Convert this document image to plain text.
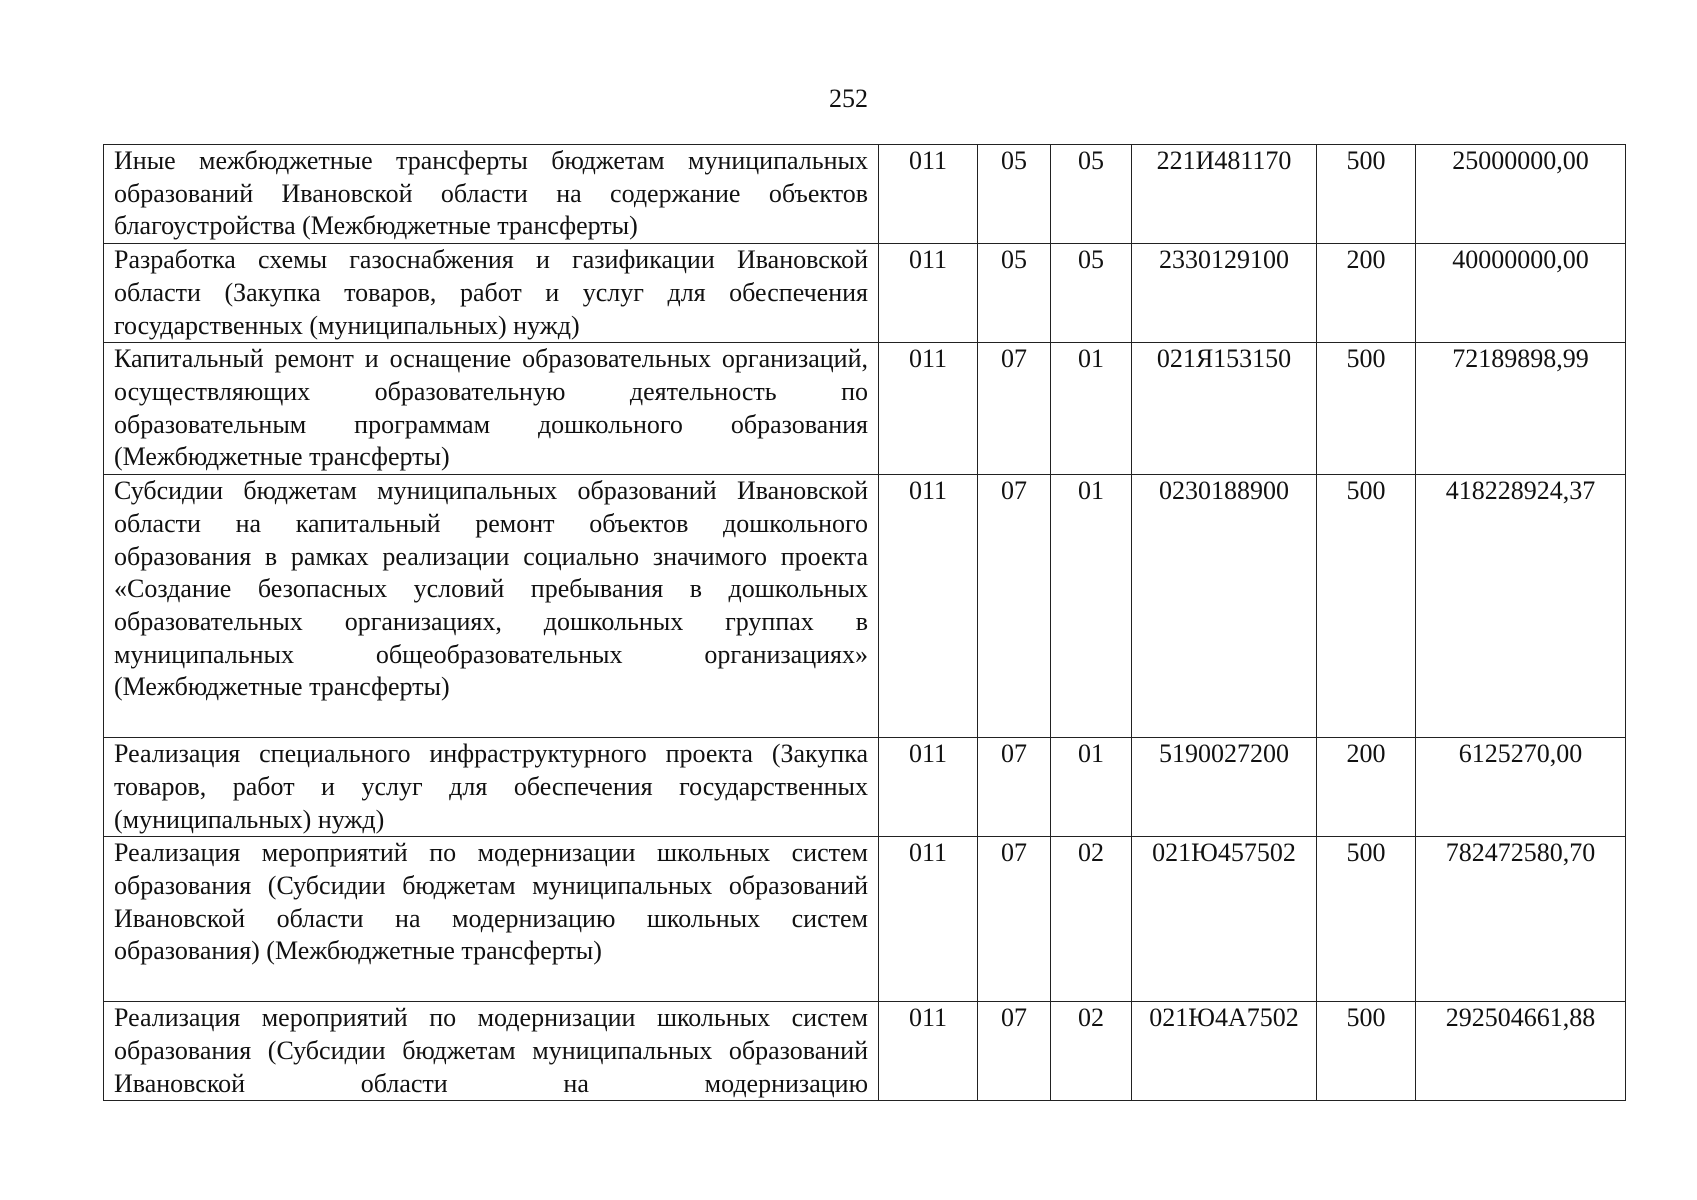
252
Иные межбюджетные трансферты бюджетам муниципальных образований Ивановской области на содержание объектов благоустройства (Межбюджетные трансферты)	011	05	05	221И481170	500	25000000,00
Разработка схемы газоснабжения и газификации Ивановской области (Закупка товаров, работ и услуг для обеспечения государственных (муниципальных) нужд)	011	05	05	2330129100	200	40000000,00
Капитальный ремонт и оснащение образовательных организаций, осуществляющих образовательную деятельность по образовательным программам дошкольного образования (Межбюджетные трансферты)	011	07	01	021Я153150	500	72189898,99
Субсидии бюджетам муниципальных образований Ивановской области на капитальный ремонт объектов дошкольного образования в рамках реализации социально значимого проекта «Создание безопасных условий пребывания в дошкольных образовательных организациях, дошкольных группах в муниципальных общеобразовательных организациях» (Межбюджетные трансферты)	011	07	01	0230188900	500	418228924,37
Реализация специального инфраструктурного проекта (Закупка товаров, работ и услуг для обеспечения государственных (муниципальных) нужд)	011	07	01	5190027200	200	6125270,00
Реализация мероприятий по модернизации школьных систем образования (Субсидии бюджетам муниципальных образований Ивановской области на модернизацию школьных систем образования) (Межбюджетные трансферты)	011	07	02	021Ю457502	500	782472580,70
Реализация мероприятий по модернизации школьных систем образования (Субсидии бюджетам муниципальных образований Ивановской области на модернизацию	011	07	02	021Ю4А7502	500	292504661,88
